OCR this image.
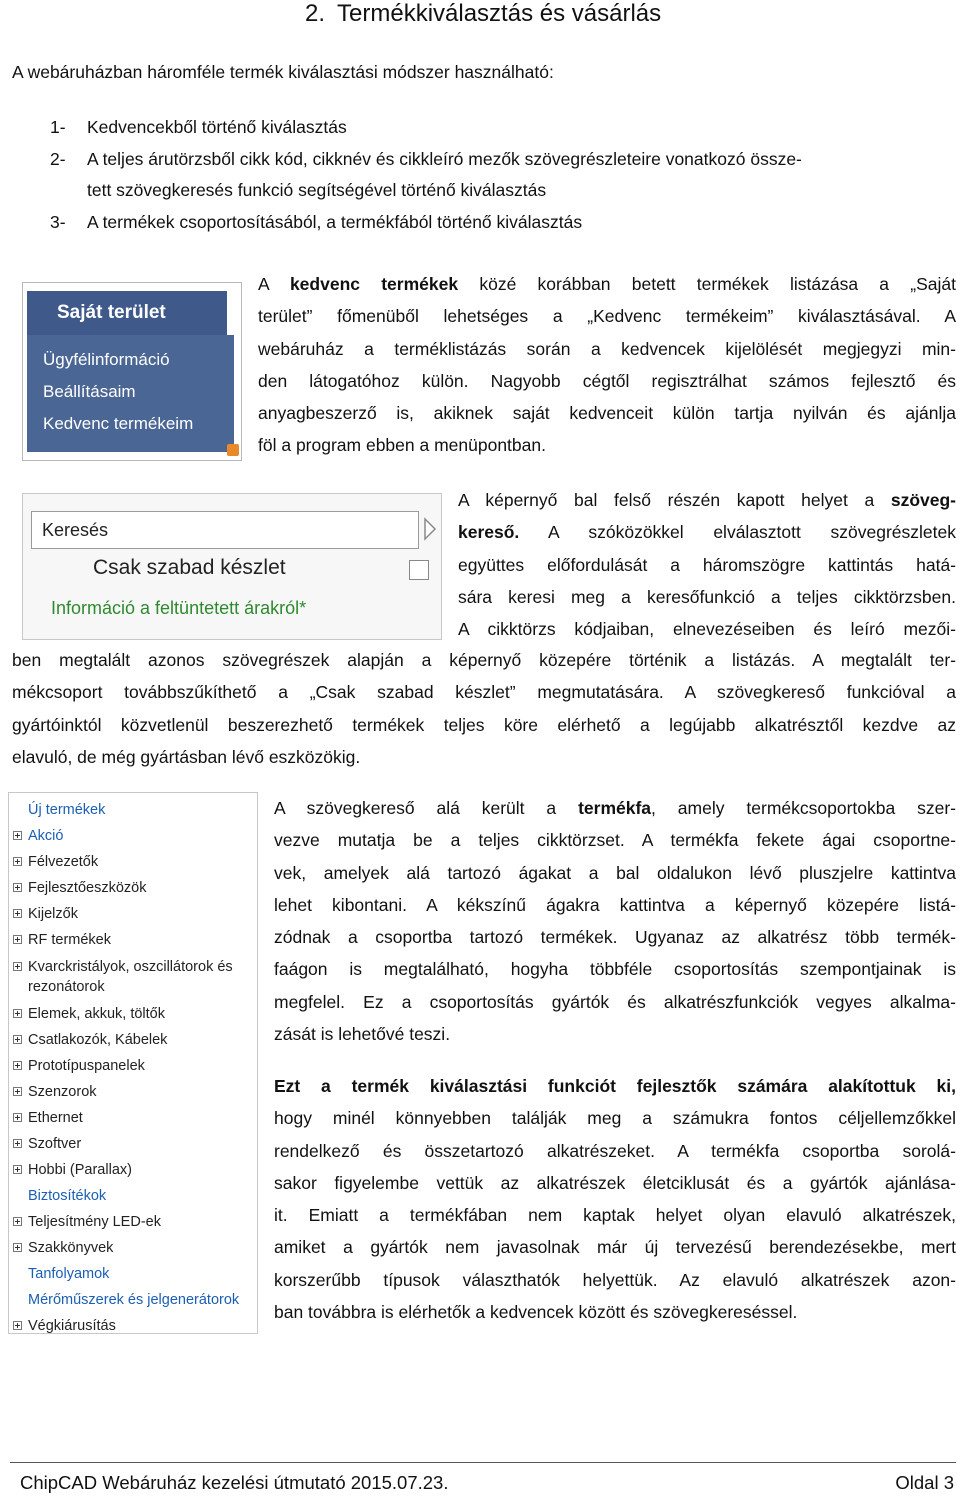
2. Termékkiválasztás és vásárlás
A webáruházban háromféle termék kiválasztási módszer használható:
1-	Kedvencekből történő kiválasztás
2-	A teljes árutörzsből cikk kód, cikknév és cikkleíró mezők szövegrészleteire vonatkozó össze-
tett szövegkeresés funkció segítségével történő kiválasztás
3-	A termékek csoportosításából, a termékfából történő kiválasztás
Saját terület
Ügyfélinformáció
Beállításaim
Kedvenc termékeim
A kedvenc termékek közé korábban betett termékek listázása a „Saját
terület” főmenüből lehetséges a „Kedvenc termékeim” kiválasztásával. A
webáruház a terméklistázás során a kedvencek kijelölését megjegyzi min-
den látogatóhoz külön. Nagyobb cégtől regisztrálhat számos fejlesztő és
anyagbeszerző is, akiknek saját kedvenceit külön tartja nyilván és ajánlja
föl a program ebben a menüpontban.
Keresés
Csak szabad készlet
Információ a feltüntetett árakról*
A képernyő bal felső részén kapott helyet a szöveg-
kereső. A szóközökkel elválasztott szövegrészletek
együttes előfordulását a háromszögre kattintás hatá-
sára keresi meg a keresőfunkció a teljes cikktörzsben.
A cikktörzs kódjaiban, elnevezéseiben és leíró mezői-
ben megtalált azonos szövegrészek alapján a képernyő közepére történik a listázás. A megtalált ter-
mékcsoport továbbszűkíthető a „Csak szabad készlet” megmutatására. A szövegkereső funkcióval a
gyártóinktól közvetlenül beszerezhető termékek teljes köre elérhető a legújabb alkatrésztől kezdve az
elavuló, de még gyártásban lévő eszközökig.
Új termékek
Akció
Félvezetők
Fejlesztőeszközök
Kijelzők
RF termékek
Kvarckristályok, oszcillátorok és rezonátorok
Elemek, akkuk, töltők
Csatlakozók, Kábelek
Prototípuspanelek
Szenzorok
Ethernet
Szoftver
Hobbi (Parallax)
Biztosítékok
Teljesítmény LED-ek
Szakkönyvek
Tanfolyamok
Mérőműszerek és jelgenerátorok
Végkiárusítás
A szövegkereső alá került a termékfa, amely termékcsoportokba szer-
vezve mutatja be a teljes cikktörzset. A termékfa fekete ágai csoportne-
vek, amelyek alá tartozó ágakat a bal oldalukon lévő pluszjelre kattintva
lehet kibontani. A kékszínű ágakra kattintva a képernyő közepére listá-
zódnak a csoportba tartozó termékek. Ugyanaz az alkatrész több termék-
faágon is megtalálható, hogyha többféle csoportosítás szempontjainak is
megfelel. Ez a csoportosítás gyártók és alkatrészfunkciók vegyes alkalma-
zását is lehetővé teszi.
Ezt a termék kiválasztási funkciót fejlesztők számára alakítottuk ki,
hogy minél könnyebben találják meg a számukra fontos céljellemzőkkel
rendelkező és összetartozó alkatrészeket. A termékfa csoportba sorolá-
sakor figyelembe vettük az alkatrészek életciklusát és a gyártók ajánlása-
it. Emiatt a termékfában nem kaptak helyet olyan elavuló alkatrészek,
amiket a gyártók nem javasolnak már új tervezésű berendezésekbe, mert
korszerűbb típusok választhatók helyettük. Az elavuló alkatrészek azon-
ban továbbra is elérhetők a kedvencek között és szövegkereséssel.
ChipCAD Webáruház kezelési útmutató 2015.07.23.	Oldal 3
